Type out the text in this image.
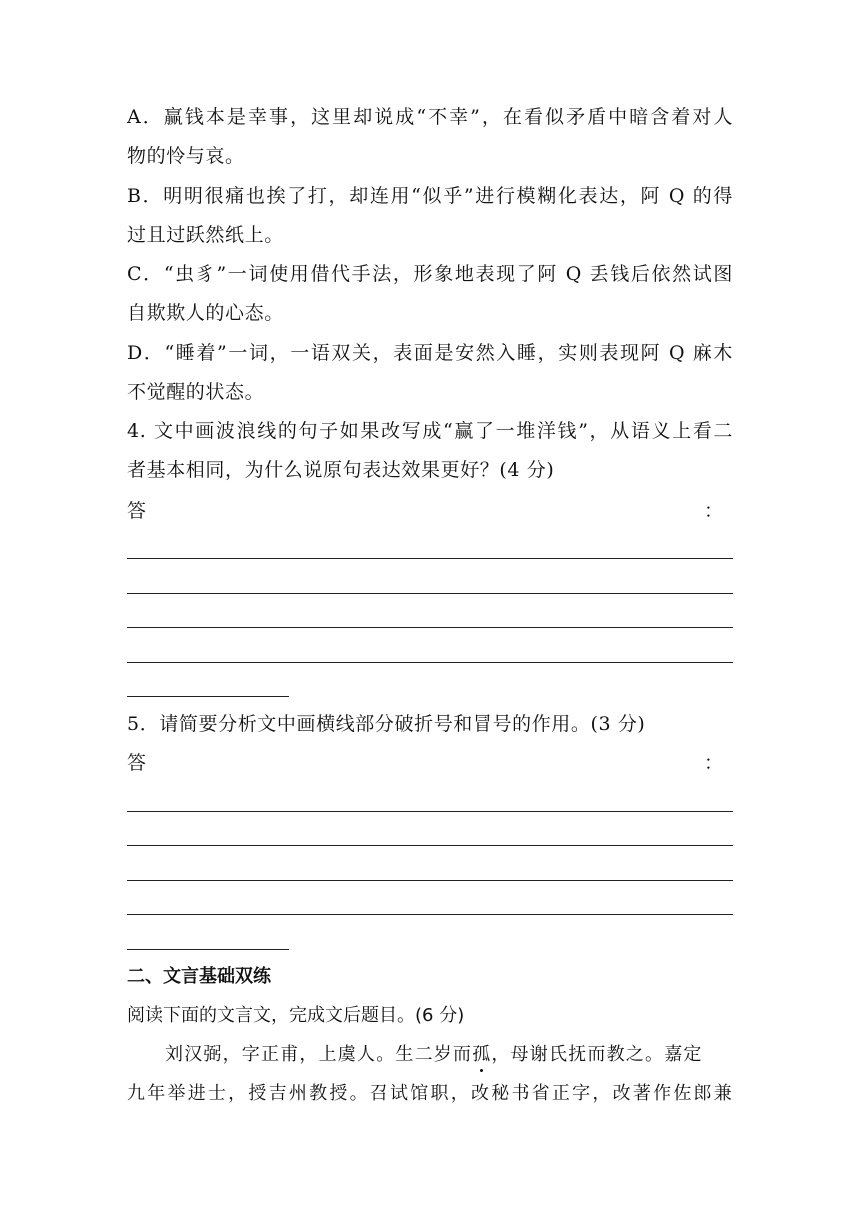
A．赢钱本是幸事，这里却说成“不幸”，在看似矛盾中暗含着对人
物的怜与哀。
B．明明很痛也挨了打，却连用“似乎”进行模糊化表达，阿 Q 的得
过且过跃然纸上。
C．“虫豸”一词使用借代手法，形象地表现了阿 Q 丢钱后依然试图
自欺欺人的心态。
D．“睡着”一词，一语双关，表面是安然入睡，实则表现阿 Q 麻木
不觉醒的状态。
4. 文中画波浪线的句子如果改写成“赢了一堆洋钱”，从语义上看二
者基本相同，为什么说原句表达效果更好？(4 分)
答	：
5．请简要分析文中画横线部分破折号和冒号的作用。(3 分)
答	：
二、文言基础双练
阅读下面的文言文，完成文后题目。(6 分)
刘汉弼，字正甫，上虞人。生二岁而孤，母谢氏抚而教之。嘉定
九年举进士，授吉州教授。召试馆职，改秘书省正字，改著作佐郎兼
